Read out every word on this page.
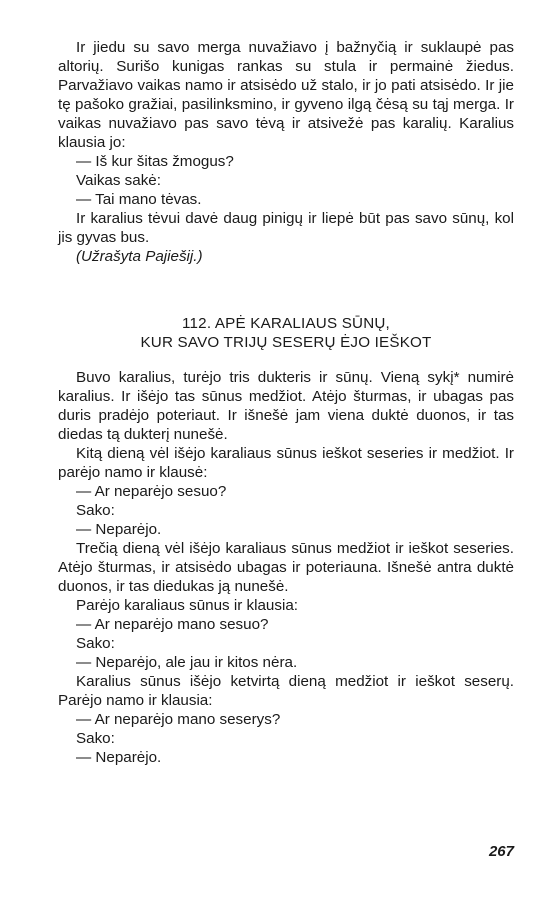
Ir jiedu su savo merga nuvažiavo į bažnyčią ir suklaupė pas altorių. Surišo kunigas rankas su stula ir permainė žiedus. Parvažiavo vaikas namo ir atsisėdo už stalo, ir jo pati atsisėdo. Ir jie tę pašoko gražiai, pasilinksmino, ir gyveno ilgą čėsą su tąj merga. Ir vaikas nuvažiavo pas savo tėvą ir atsivežė pas karalių. Karalius klausia jo:

— Iš kur šitas žmogus?

Vaikas sakė:

— Tai mano tėvas.

Ir karalius tėvui davė daug pinigų ir liepė būt pas savo sūnų, kol jis gyvas bus.

(Užrašyta Pajiešij.)

112. APĖ KARALIAUS SŪNŲ,
KUR SAVO TRIJŲ SESERŲ ĖJO IEŠKOT

Buvo karalius, turėjo tris dukteris ir sūnų. Vieną sykį* numirė karalius. Ir išėjo tas sūnus medžiot. Atėjo šturmas, ir ubagas pas duris pradėjo poteriaut. Ir išnešė jam viena duktė duonos, ir tas diedas tą dukterį nunešė.

Kitą dieną vėl išėjo karaliaus sūnus ieškot seseries ir medžiot. Ir parėjo namo ir klausė:

— Ar neparėjo sesuo?

Sako:

— Neparėjo.

Trečią dieną vėl išėjo karaliaus sūnus medžiot ir ieškot seseries. Atėjo šturmas, ir atsisėdo ubagas ir poteriauna. Išnešė antra duktė duonos, ir tas diedukas ją nunešė.

Parėjo karaliaus sūnus ir klausia:

— Ar neparėjo mano sesuo?

Sako:

— Neparėjo, ale jau ir kitos nėra.

Karalius sūnus išėjo ketvirtą dieną medžiot ir ieškot seserų. Parėjo namo ir klausia:

— Ar neparėjo mano seserys?

Sako:

— Neparėjo.

267
